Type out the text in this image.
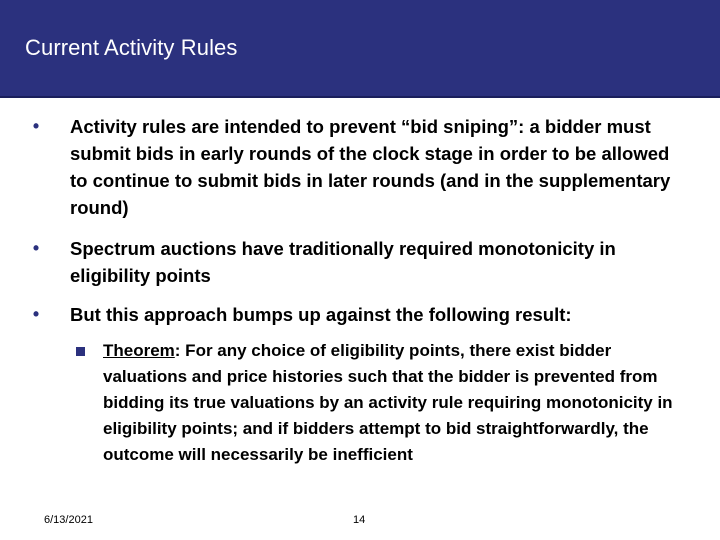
Current Activity Rules
• Activity rules are intended to prevent “bid sniping”: a bidder must submit bids in early rounds of the clock stage in order to be allowed to continue to submit bids in later rounds (and in the supplementary round)
• Spectrum auctions have traditionally required monotonicity in eligibility points
• But this approach bumps up against the following result:
Theorem: For any choice of eligibility points, there exist bidder valuations and price histories such that the bidder is prevented from bidding its true valuations by an activity rule requiring monotonicity in eligibility points; and if bidders attempt to bid straightforwardly, the outcome will necessarily be inefficient
6/13/2021	14
